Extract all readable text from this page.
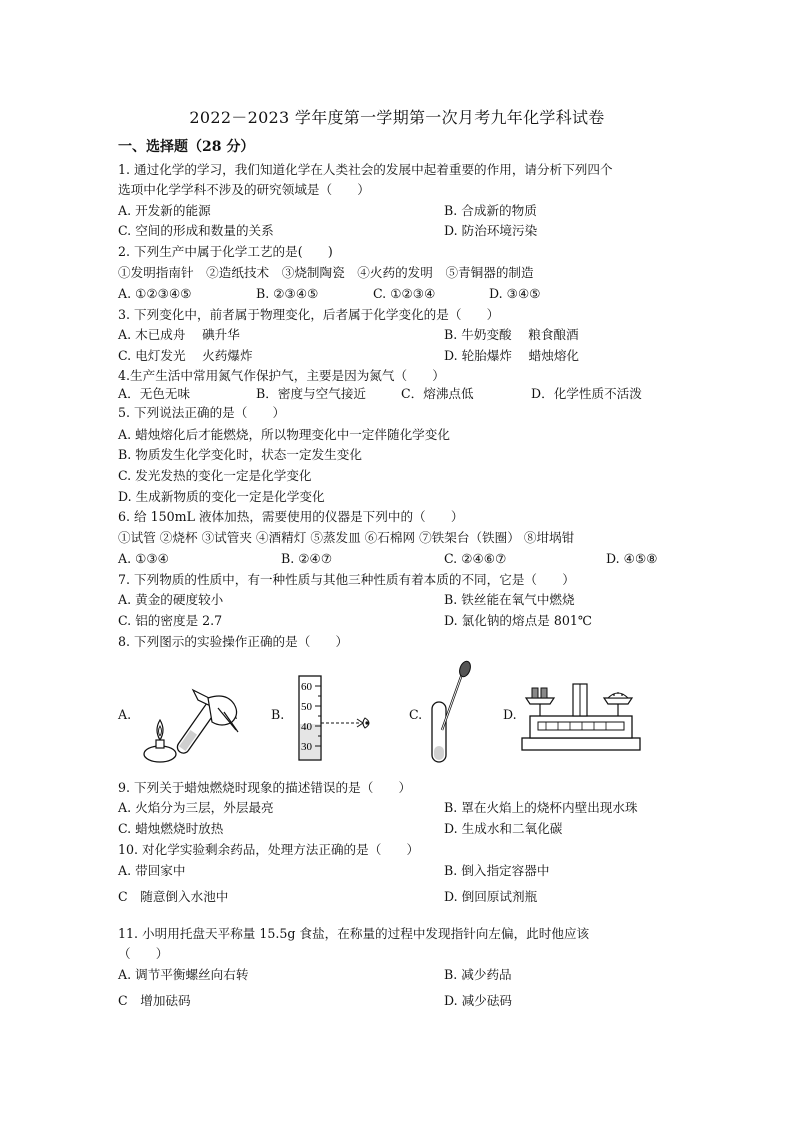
2022－2023 学年度第一学期第一次月考九年化学科试卷
一、选择题（28 分）
1. 通过化学的学习，我们知道化学在人类社会的发展中起着重要的作用，请分析下列四个
选项中化学学科不涉及的研究领域是（　　）
A. 开发新的能源	B. 合成新的物质
C. 空间的形成和数量的关系	D. 防治环境污染
2. 下列生产中属于化学工艺的是(　　)
①发明指南针　②造纸技术　③烧制陶瓷　④火药的发明　⑤青铜器的制造
A. ①②③④⑤	B. ②③④⑤	C. ①②③④	D. ③④⑤
3. 下列变化中，前者属于物理变化，后者属于化学变化的是（　　）
A. 木已成舟　 碘升华	B. 牛奶变酸　 粮食酿酒
C. 电灯发光　 火药爆炸	D. 轮胎爆炸　 蜡烛熔化
4.生产生活中常用氮气作保护气，主要是因为氮气（　　）
A．无色无味	B．密度与空气接近	C．熔沸点低	D．化学性质不活泼
5. 下列说法正确的是（　　）
A. 蜡烛熔化后才能燃烧，所以物理变化中一定伴随化学变化
B. 物质发生化学变化时，状态一定发生变化
C. 发光发热的变化一定是化学变化
D. 生成新物质的变化一定是化学变化
6. 给 150mL 液体加热，需要使用的仪器是下列中的（　　）
①试管 ②烧杯 ③试管夹 ④酒精灯 ⑤蒸发皿 ⑥石棉网 ⑦铁架台（铁圈） ⑧坩埚钳
A. ①③④	B. ②④⑦	C. ②④⑥⑦	D. ④⑤⑧
7. 下列物质的性质中，有一种性质与其他三种性质有着本质的不同，它是（　　）
A. 黄金的硬度较小	B. 铁丝能在氧气中燃烧
C. 铝的密度是 2.7	D. 氯化钠的熔点是 801℃
8. 下列图示的实验操作正确的是（　　）
A.	B.
60
50
40
30
C.	D.
9. 下列关于蜡烛燃烧时现象的描述错误的是（　　）
A. 火焰分为三层，外层最亮	B. 罩在火焰上的烧杯内壁出现水珠
C. 蜡烛燃烧时放热	D. 生成水和二氧化碳
10. 对化学实验剩余药品，处理方法正确的是（　　）
A. 带回家中	B. 倒入指定容器中
C　随意倒入水池中	D. 倒回原试剂瓶
11. 小明用托盘天平称量 15.5g 食盐，在称量的过程中发现指针向左偏，此时他应该
（　　）
A. 调节平衡螺丝向右转	B. 减少药品
C　增加砝码	D. 减少砝码
